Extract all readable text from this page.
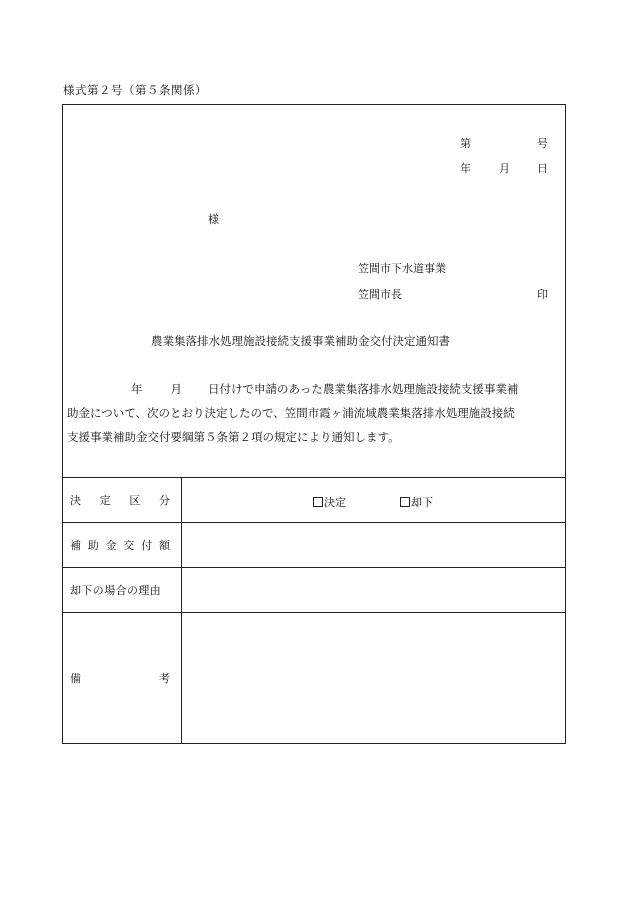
様式第２号（第５条関係）
第	号
年	月 日
様
笠間市下水道事業
笠間市長	印
農業集落排水処理施設接続支援事業補助金交付決定通知書
年 月 日付けで申請のあった農業集落排水処理施設接続支援事業補
助金について、次のとおり決定したので、笠間市霞ヶ浦流域農業集落排水処理施設接続
支援事業補助金交付要綱第５条第２項の規定により通知します。
決 定 区 分	決定	却下
補 助 金 交 付 額
却下の場合の理由
備	考
